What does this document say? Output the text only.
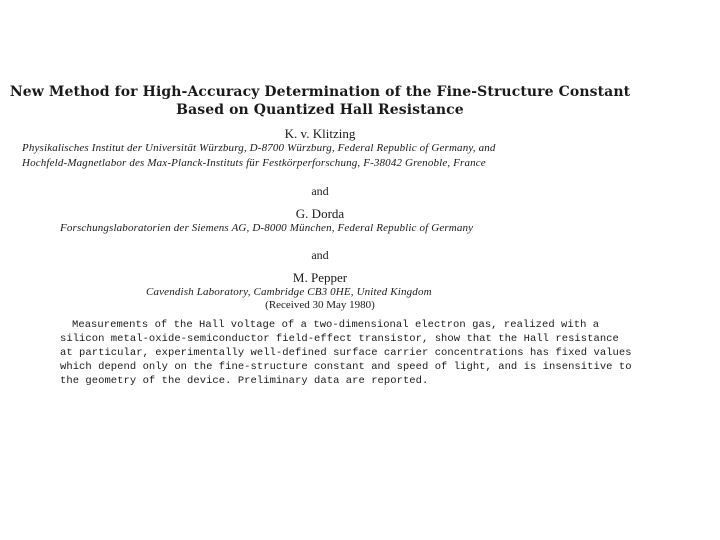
New Method for High-Accuracy Determination of the Fine-Structure Constant
Based on Quantized Hall Resistance
K. v. Klitzing
Physikalisches Institut der Universität Würzburg, D-8700 Würzburg, Federal Republic of Germany, and
Hochfeld-Magnetlabor des Max-Planck-Instituts für Festkörperforschung, F-38042 Grenoble, France
and
G. Dorda
Forschungslaboratorien der Siemens AG, D-8000 München, Federal Republic of Germany
and
M. Pepper
Cavendish Laboratory, Cambridge CB3 0HE, United Kingdom
(Received 30 May 1980)
Measurements of the Hall voltage of a two-dimensional electron gas, realized with a
silicon metal-oxide-semiconductor field-effect transistor, show that the Hall resistance
at particular, experimentally well-defined surface carrier concentrations has fixed values
which depend only on the fine-structure constant and speed of light, and is insensitive to
the geometry of the device. Preliminary data are reported.
